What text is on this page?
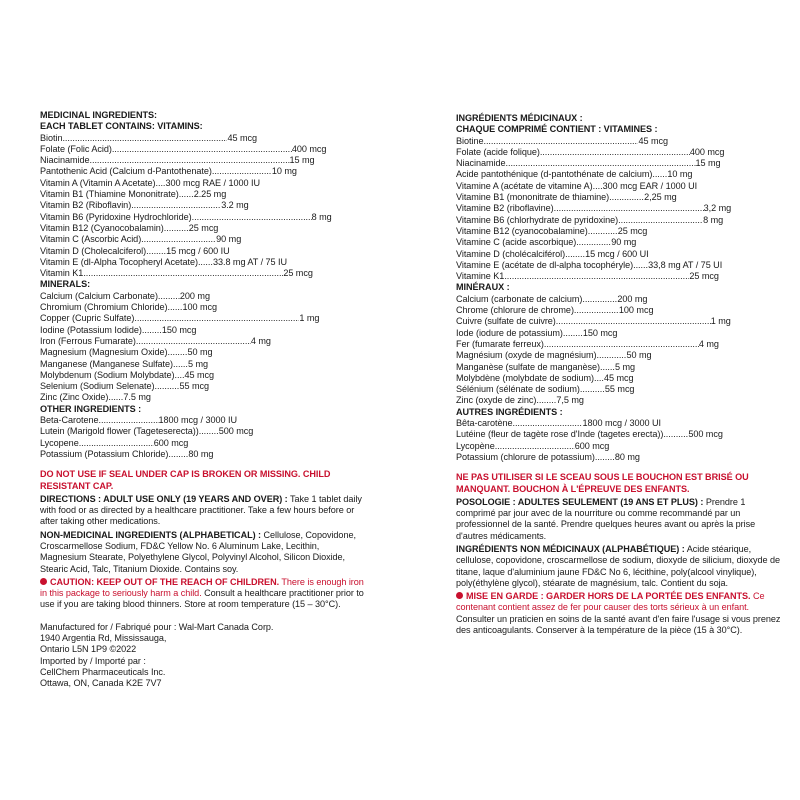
MEDICINAL INGREDIENTS:
EACH TABLET CONTAINS: VITAMINS:
Biotin .....	45 mcg
Folate (Folic Acid) .....	400 mcg
Niacinamide .....	15 mg
Pantothenic Acid (Calcium d-Pantothenate) .....	10 mg
Vitamin A (Vitamin A Acetate) ..... 300 mcg RAE / 1000 IU
Vitamin B1 (Thiamine Mononitrate) ..... 2.25 mg
Vitamin B2 (Riboflavin) .....	3.2 mg
Vitamin B6 (Pyridoxine Hydrochloride) .....	8 mg
Vitamin B12 (Cyanocobalamin) .....	25 mcg
Vitamin C (Ascorbic Acid) .....	90 mg
Vitamin D (Cholecalciferol) ..... 15 mcg / 600 IU
Vitamin E (dl-Alpha Tocopheryl Acetate) ..... 33.8 mg AT / 75 IU
Vitamin K1 .....	25 mcg
MINERALS:
Calcium (Calcium Carbonate) ..... 200 mg
Chromium (Chromium Chloride) ..... 100 mcg
Copper (Cupric Sulfate) .....	1 mg
Iodine (Potassium Iodide) ..... 150 mcg
Iron (Ferrous Fumarate) .....	4 mg
Magnesium (Magnesium Oxide) ..... 50 mg
Manganese (Manganese Sulfate) ..... 5 mg
Molybdenum (Sodium Molybdate) ..... 45 mcg
Selenium (Sodium Selenate) .....	55 mcg
Zinc (Zinc Oxide) ..... 7.5 mg
OTHER INGREDIENTS :
Beta-Carotene .....	1800 mcg / 3000 IU
Lutein (Marigold flower (Tageteserecta)) ..... 500 mcg
Lycopene .....	600 mcg
Potassium (Potassium Chloride) ..... 80 mg
DO NOT USE IF SEAL UNDER CAP IS BROKEN OR MISSING. CHILD RESISTANT CAP.
DIRECTIONS : ADULT USE ONLY (19 YEARS AND OVER) : Take 1 tablet daily with food or as directed by a healthcare practitioner. Take a few hours before or after taking other medications.
NON-MEDICINAL INGREDIENTS (ALPHABETICAL) : Cellulose, Copovidone, Croscarmellose Sodium, FD&C Yellow No. 6 Aluminum Lake, Lecithin, Magnesium Stearate, Polyethylene Glycol, Polyvinyl Alcohol, Silicon Dioxide, Stearic Acid, Talc, Titanium Dioxide. Contains soy.
CAUTION: KEEP OUT OF THE REACH OF CHILDREN. There is enough iron in this package to seriously harm a child. Consult a healthcare practitioner prior to use if you are taking blood thinners. Store at room temperature (15 – 30°C).
Manufactured for / Fabriqué pour : Wal-Mart Canada Corp.
1940 Argentia Rd, Mississauga,
Ontario L5N 1P9 ©2022
Imported by / Importé par :
CellChem Pharmaceuticals Inc.
Ottawa, ON, Canada K2E 7V7
INGRÉDIENTS MÉDICINAUX :
CHAQUE COMPRIMÉ CONTIENT : VITAMINES :
Biotine .....	45 mcg
Folate (acide folique) .....	400 mcg
Niacinamide .....	15 mg
Acide pantothénique (d-pantothénate de calcium) ..... 10 mg
Vitamine A (acétate de vitamine A) ..... 300 mcg EAR / 1000 UI
Vitamine B1 (mononitrate de thiamine) .....	2,25 mg
Vitamine B2 (riboflavine) .....	3,2 mg
Vitamine B6 (chlorhydrate de pyridoxine) .....	8 mg
Vitamine B12 (cyanocobalamine) .....	25 mcg
Vitamine C (acide ascorbique) .....	90 mg
Vitamine D (cholécalciférol) ..... 15 mcg / 600 UI
Vitamine E (acétate de dl-alpha tocophéryle) ..... 33,8 mg AT / 75 UI
Vitamine K1 .....	25 mcg
MINÉRAUX :
Calcium (carbonate de calcium) .....	200 mg
Chrome (chlorure de chrome) .....	100 mcg
Cuivre (sulfate de cuivre) .....	1 mg
Iode (iodure de potassium) ..... 150 mcg
Fer (fumarate ferreux) .....	4 mg
Magnésium (oxyde de magnésium) .....	50 mg
Manganèse (sulfate de manganèse) ..... 5 mg
Molybdène (molybdate de sodium) ..... 45 mcg
Sélénium (sélénate de sodium) .....	55 mcg
Zinc (oxyde de zinc) ..... 7,5 mg
AUTRES INGRÉDIENTS :
Bêta-carotène .....	1800 mcg / 3000 UI
Lutéine (fleur de tagète rose d'Inde (tagetes erecta)) .....	500 mcg
Lycopène .....	600 mcg
Potassium (chlorure de potassium) ..... 80 mg
NE PAS UTILISER SI LE SCEAU SOUS LE BOUCHON EST BRISÉ OU MANQUANT. BOUCHON À L'ÉPREUVE DES ENFANTS.
POSOLOGIE : ADULTES SEULEMENT (19 ANS ET PLUS) : Prendre 1 comprimé par jour avec de la nourriture ou comme recommandé par un professionnel de la santé. Prendre quelques heures avant ou après la prise d'autres médicaments.
INGRÉDIENTS NON MÉDICINAUX (ALPHABÉTIQUE) : Acide stéarique, cellulose, copovidone, croscarmellose de sodium, dioxyde de silicium, dioxyde de titane, laque d'aluminium jaune FD&C No 6, lécithine, poly(alcool vinylique), poly(éthylène glycol), stéarate de magnésium, talc. Contient du soja.
MISE EN GARDE : GARDER HORS DE LA PORTÉE DES ENFANTS. Ce contenant contient assez de fer pour causer des torts sérieux à un enfant. Consulter un praticien en soins de la santé avant d'en faire l'usage si vous prenez des anticoagulants. Conserver à la température de la pièce (15 à 30°C).
